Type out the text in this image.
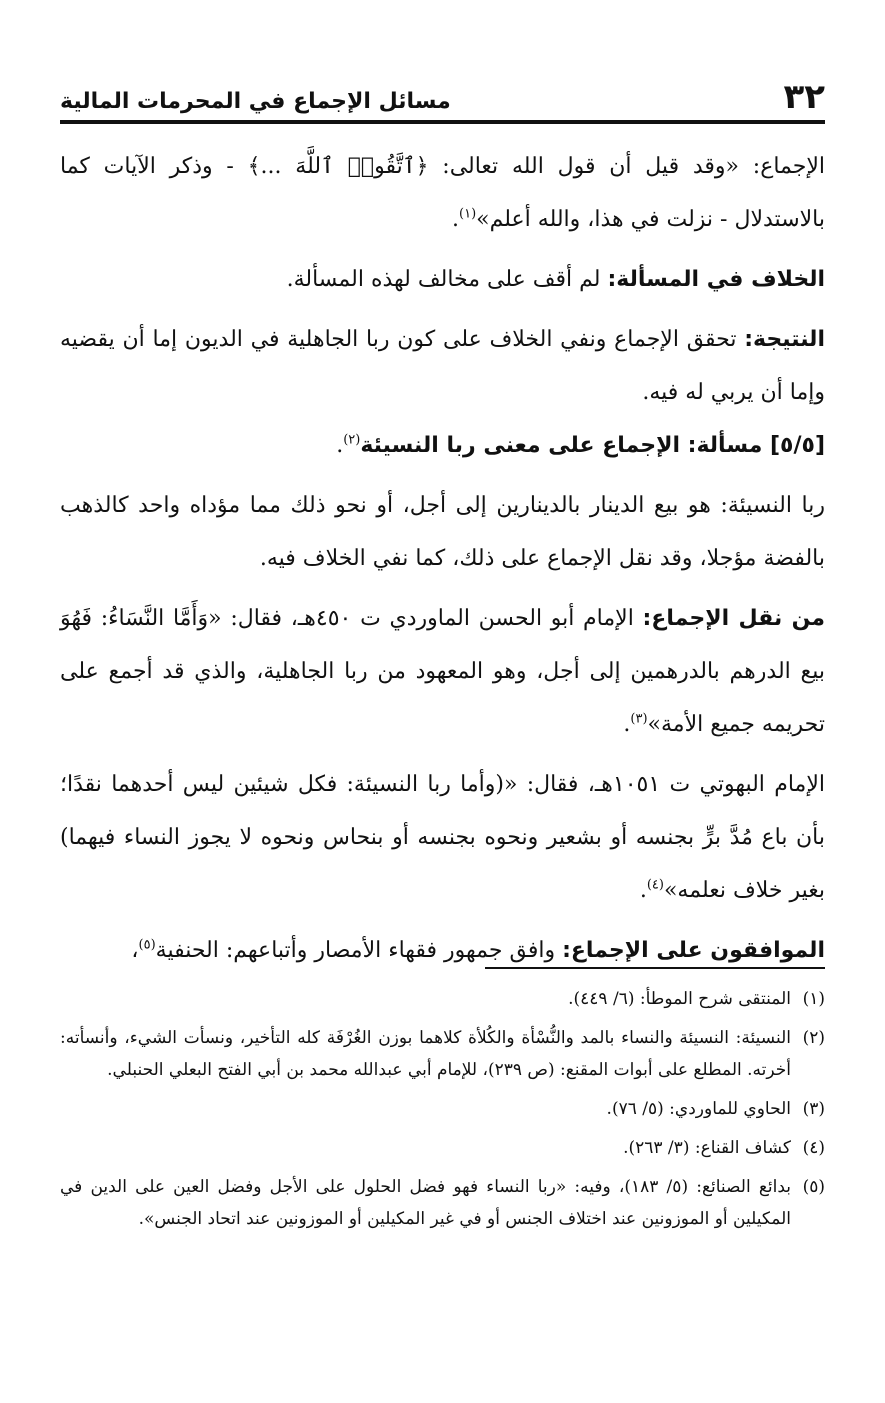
٣٢
مسائل الإجماع في المحرمات المالية

الإجماع: «وقد قيل أن قول الله تعالى: ﴿ٱتَّقُوا۟ ٱللَّهَ ...﴾ - وذكر الآيات كما بالاستدلال - نزلت في هذا، والله أعلم»$^{(١)}$.

الخلاف في المسألة: لم أقف على مخالف لهذه المسألة.

النتيجة: تحقق الإجماع ونفي الخلاف على كون ربا الجاهلية في الديون إما أن يقضيه وإما أن يربي له فيه.

[٥/٥] مسألة: الإجماع على معنى ربا النسيئة$^{(٢)}$.

ربا النسيئة: هو بيع الدينار بالدينارين إلى أجل، أو نحو ذلك مما مؤداه واحد كالذهب بالفضة مؤجلا، وقد نقل الإجماع على ذلك، كما نفي الخلاف فيه.

من نقل الإجماع: الإمام أبو الحسن الماوردي ت ٤٥٠هـ، فقال: «وَأَمَّا النَّسَاءُ: فَهُوَ بيع الدرهم بالدرهمين إلى أجل، وهو المعهود من ربا الجاهلية، والذي قد أجمع على تحريمه جميع الأمة»$^{(٣)}$.

الإمام البهوتي ت ١٠٥١هـ، فقال: «(وأما ربا النسيئة: فكل شيئين ليس أحدهما نقدًا؛ بأن باع مُدَّ برٍّ بجنسه أو بشعير ونحوه بجنسه أو بنحاس ونحوه لا يجوز النساء فيهما) بغير خلاف نعلمه»$^{(٤)}$.

الموافقون على الإجماع: وافق جمهور فقهاء الأمصار وأتباعهم: الحنفية$^{(٥)}$،

(١)
المنتقى شرح الموطأ: (٦/ ٤٤٩).
(٢)
النسيئة: النسيئة والنساء بالمد والنُّسْأة والكُلأة كلاهما بوزن الغُرْفَة كله التأخير، ونسأت الشيء، وأنسأته: أخرته. المطلع على أبوات المقنع: (ص ٢٣٩)، للإمام أبي عبدالله محمد بن أبي الفتح البعلي الحنبلي.
(٣)
الحاوي للماوردي: (٥/ ٧٦).
(٤)
كشاف القناع: (٣/ ٢٦٣).
(٥)
بدائع الصنائع: (٥/ ١٨٣)، وفيه: «ربا النساء فهو فضل الحلول على الأجل وفضل العين على الدين في المكيلين أو الموزونين عند اختلاف الجنس أو في غير المكيلين أو الموزونين عند اتحاد الجنس».
